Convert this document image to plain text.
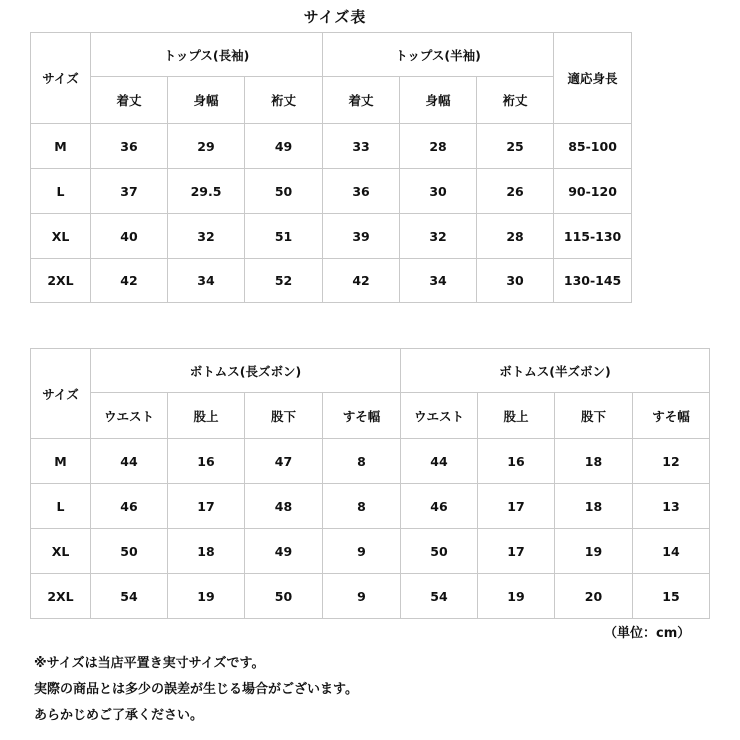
サイズ表
サイズ	トップス(長袖)			トップス(半袖)			適応身長
	着丈	身幅	裄丈	着丈	身幅	裄丈	
M	36	29	49	33	28	25	85-100
L	37	29.5	50	36	30	26	90-120
XL	40	32	51	39	32	28	115-130
2XL	42	34	52	42	34	30	130-145
サイズ	ボトムス(長ズボン)				ボトムス(半ズボン)			
	ウエスト	股上	股下	すそ幅	ウエスト	股上	股下	すそ幅
M	44	16	47	8	44	16	18	12
L	46	17	48	8	46	17	18	13
XL	50	18	49	9	50	17	19	14
2XL	54	19	50	9	54	19	20	15
（単位：cm）
※サイズは当店平置き実寸サイズです。
実際の商品とは多少の誤差が生じる場合がございます。
あらかじめご了承ください。
